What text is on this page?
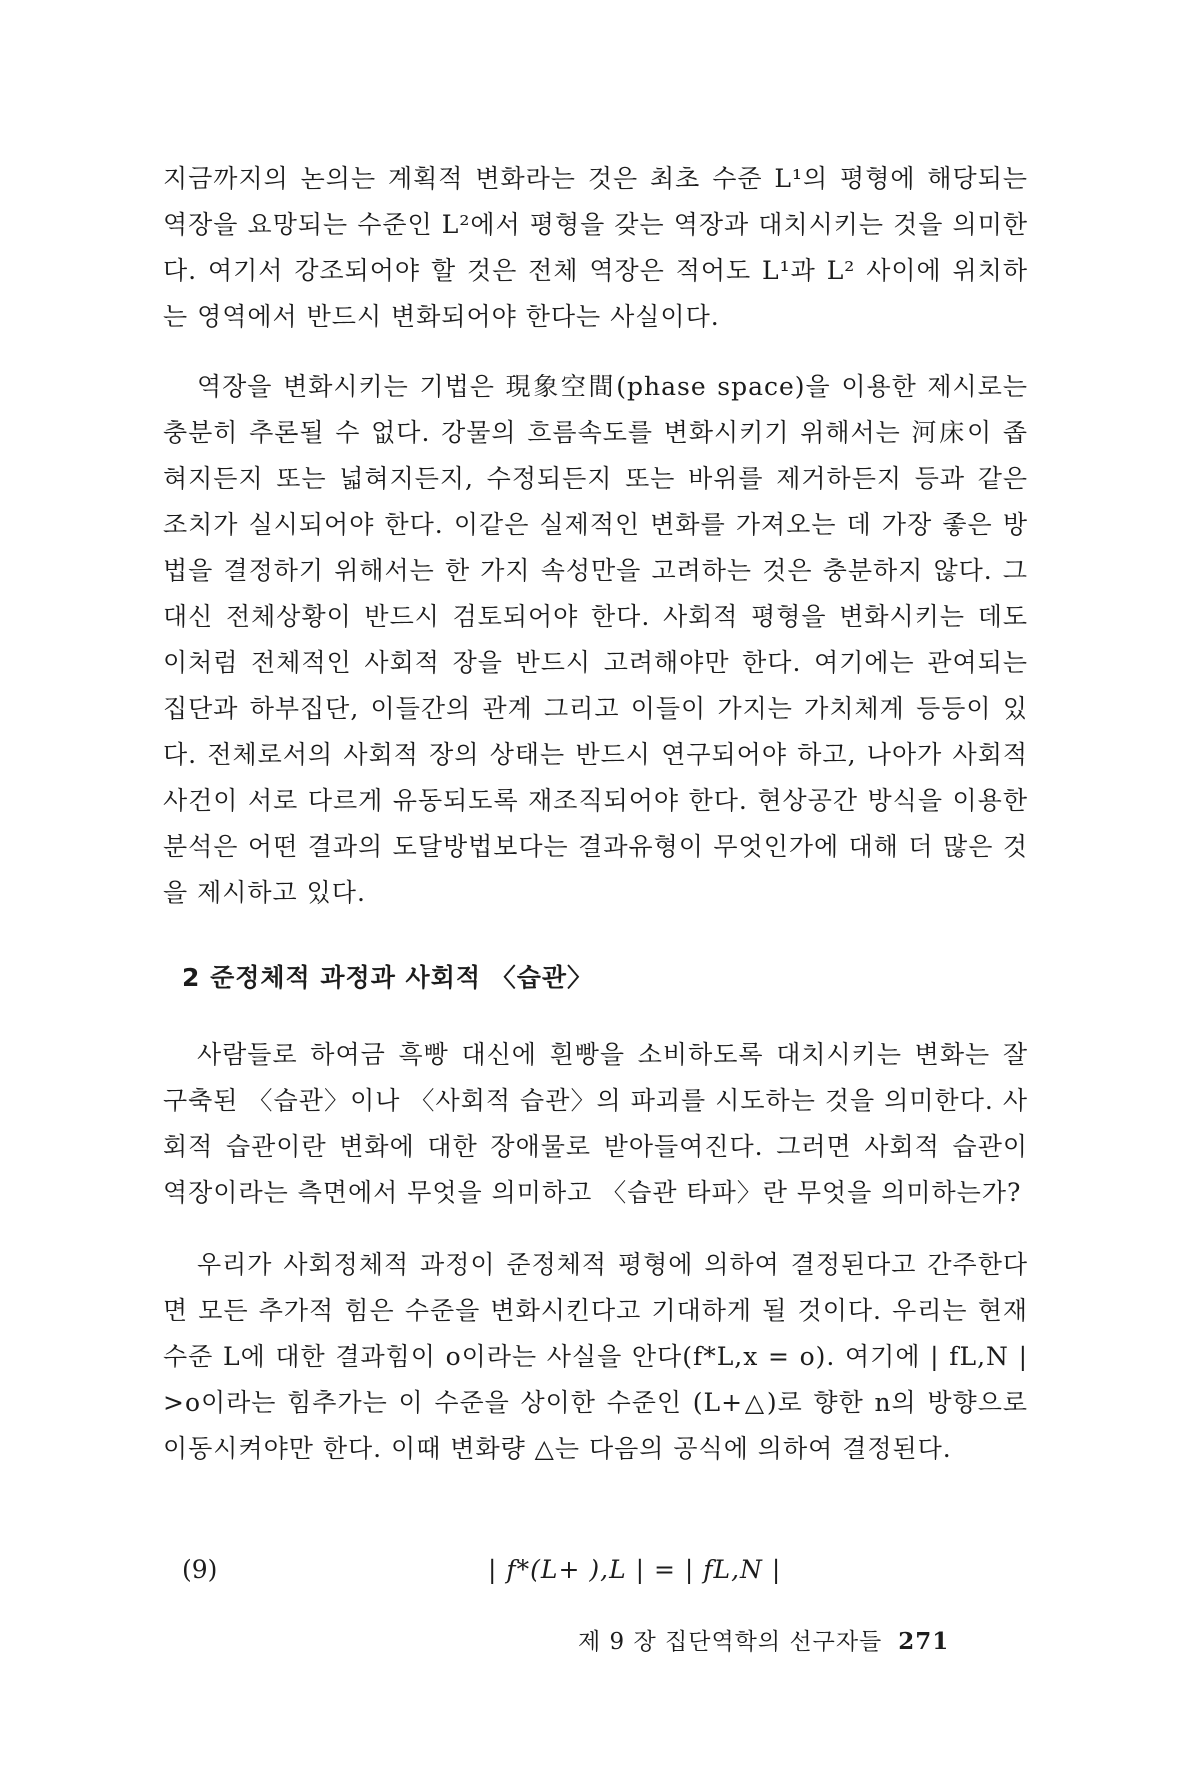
지금까지의 논의는 계획적 변화라는 것은 최초 수준 L¹의 평형에 해당되는 역장을 요망되는 수준인 L²에서 평형을 갖는 역장과 대치시키는 것을 의미한다. 여기서 강조되어야 할 것은 전체 역장은 적어도 L¹과 L² 사이에 위치하는 영역에서 반드시 변화되어야 한다는 사실이다.

역장을 변화시키는 기법은 現象空間(phase space)을 이용한 제시로는 충분히 추론될 수 없다. 강물의 흐름속도를 변화시키기 위해서는 河床이 좁혀지든지 또는 넓혀지든지, 수정되든지 또는 바위를 제거하든지 등과 같은 조치가 실시되어야 한다. 이같은 실제적인 변화를 가져오는 데 가장 좋은 방법을 결정하기 위해서는 한 가지 속성만을 고려하는 것은 충분하지 않다. 그 대신 전체상황이 반드시 검토되어야 한다. 사회적 평형을 변화시키는 데도 이처럼 전체적인 사회적 장을 반드시 고려해야만 한다. 여기에는 관여되는 집단과 하부집단, 이들간의 관계 그리고 이들이 가지는 가치체계 등등이 있다. 전체로서의 사회적 장의 상태는 반드시 연구되어야 하고, 나아가 사회적 사건이 서로 다르게 유동되도록 재조직되어야 한다. 현상공간 방식을 이용한 분석은 어떤 결과의 도달방법보다는 결과유형이 무엇인가에 대해 더 많은 것을 제시하고 있다.

2 준정체적 과정과 사회적 〈습관〉

사람들로 하여금 흑빵 대신에 흰빵을 소비하도록 대치시키는 변화는 잘 구축된 〈습관〉이나 〈사회적 습관〉의 파괴를 시도하는 것을 의미한다. 사회적 습관이란 변화에 대한 장애물로 받아들여진다. 그러면 사회적 습관이 역장이라는 측면에서 무엇을 의미하고 〈습관 타파〉란 무엇을 의미하는가?

우리가 사회정체적 과정이 준정체적 평형에 의하여 결정된다고 간주한다면 모든 추가적 힘은 수준을 변화시킨다고 기대하게 될 것이다. 우리는 현재수준 L에 대한 결과힘이 o이라는 사실을 안다(f*L,x = o). 여기에 | fL,N | >o이라는 힘추가는 이 수준을 상이한 수준인 (L+△)로 향한 n의 방향으로 이동시켜야만 한다. 이때 변화량 △는 다음의 공식에 의하여 결정된다.

(9)	| f*(L+ ),L | = | fL,N |
제 9 장 집단역학의 선구자들 271
